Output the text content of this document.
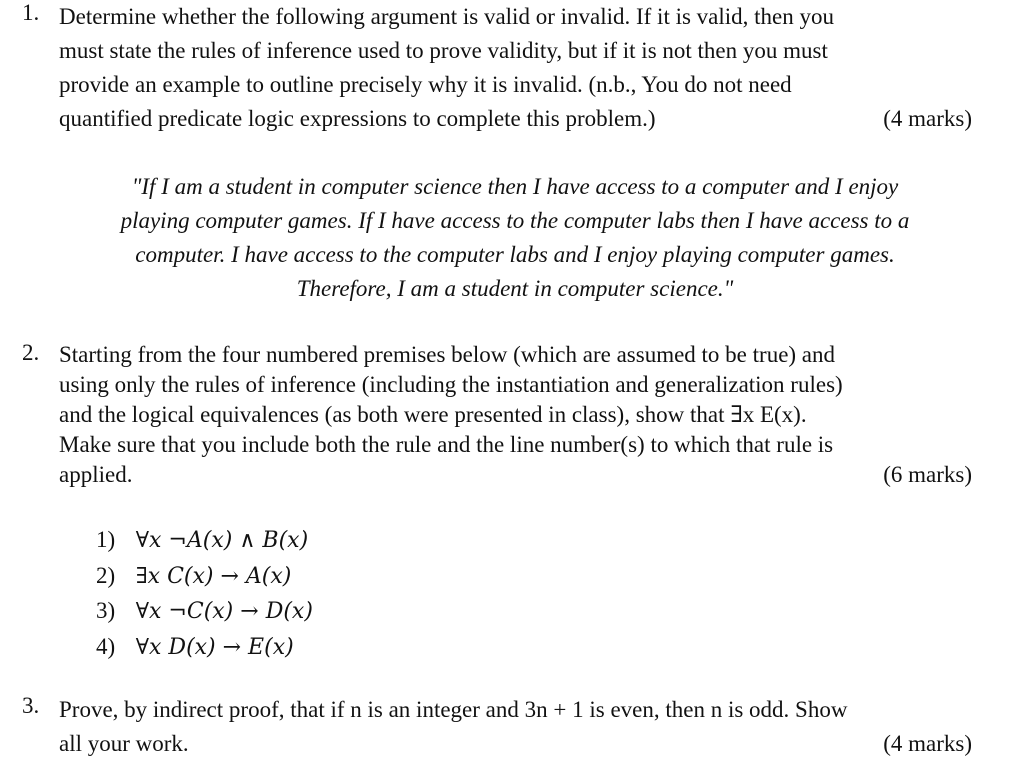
1. Determine whether the following argument is valid or invalid. If it is valid, then you
must state the rules of inference used to prove validity, but if it is not then you must
provide an example to outline precisely why it is invalid. (n.b., You do not need
quantified predicate logic expressions to complete this problem.)	(4 marks)
"If I am a student in computer science then I have access to a computer and I enjoy
playing computer games. If I have access to the computer labs then I have access to a
computer. I have access to the computer labs and I enjoy playing computer games.
Therefore, I am a student in computer science."
2. Starting from the four numbered premises below (which are assumed to be true) and
using only the rules of inference (including the instantiation and generalization rules)
and the logical equivalences (as both were presented in class), show that ∃x E(x).
Make sure that you include both the rule and the line number(s) to which that rule is
applied.	(6 marks)
1) ∀x ¬A(x) ∧ B(x)
2) ∃x C(x) → A(x)
3) ∀x ¬C(x) → D(x)
4) ∀x D(x) → E(x)
3. Prove, by indirect proof, that if n is an integer and 3n + 1 is even, then n is odd. Show
all your work.	(4 marks)
